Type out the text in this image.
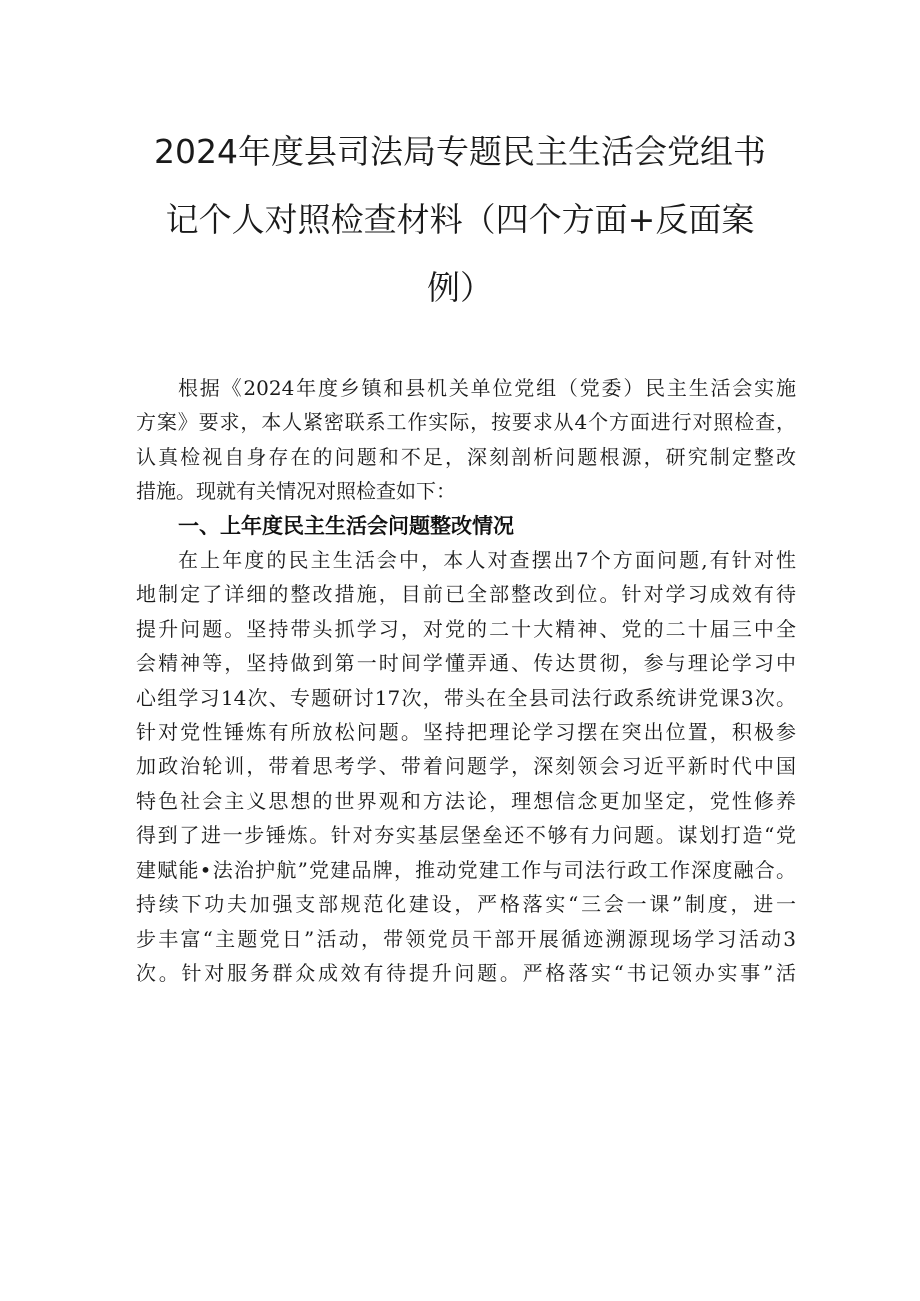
2024年度县司法局专题民主生活会党组书
记个人对照检查材料（四个方面+反面案
例）
根据《2024年度乡镇和县机关单位党组（党委）民主生活会实施
方案》要求，本人紧密联系工作实际，按要求从4个方面进行对照检查，
认真检视自身存在的问题和不足，深刻剖析问题根源，研究制定整改
措施。现就有关情况对照检查如下：
一、上年度民主生活会问题整改情况
在上年度的民主生活会中，本人对查摆出7个方面问题,有针对性
地制定了详细的整改措施，目前已全部整改到位。针对学习成效有待
提升问题。坚持带头抓学习，对党的二十大精神、党的二十届三中全
会精神等，坚持做到第一时间学懂弄通、传达贯彻，参与理论学习中
心组学习14次、专题研讨17次，带头在全县司法行政系统讲党课3次。
针对党性锤炼有所放松问题。坚持把理论学习摆在突出位置，积极参
加政治轮训，带着思考学、带着问题学，深刻领会习近平新时代中国
特色社会主义思想的世界观和方法论，理想信念更加坚定，党性修养
得到了进一步锤炼。针对夯实基层堡垒还不够有力问题。谋划打造“党
建赋能•法治护航”党建品牌，推动党建工作与司法行政工作深度融合。
持续下功夫加强支部规范化建设，严格落实“三会一课”制度，进一
步丰富“主题党日”活动，带领党员干部开展循迹溯源现场学习活动3
次。针对服务群众成效有待提升问题。严格落实“书记领办实事”活
